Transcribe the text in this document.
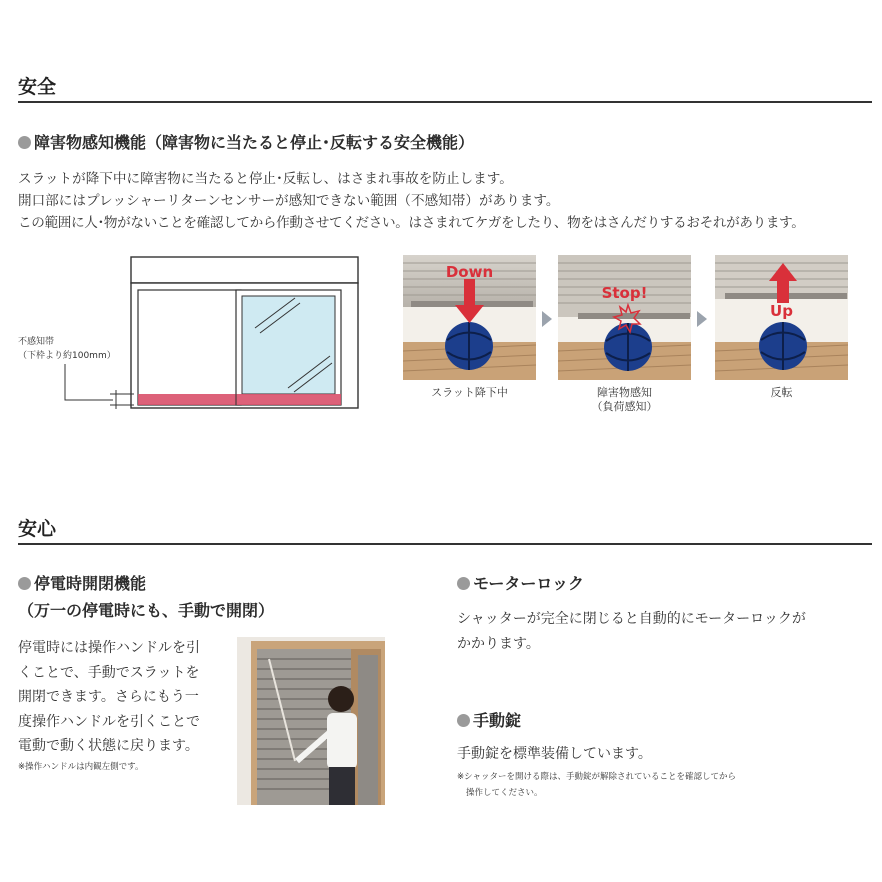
安全
障害物感知機能（障害物に当たると停止･反転する安全機能）
スラットが降下中に障害物に当たると停止･反転し、はさまれ事故を防止します。
開口部にはプレッシャーリターンセンサーが感知できない範囲（不感知帯）があります。
この範囲に人･物がないことを確認してから作動させてください。はさまれてケガをしたり、物をはさんだりするおそれがあります。
不感知帯
（下枠より約100mm）
Down
Stop!
Up
スラット降下中	障害物感知
（負荷感知）
反転
安心
停電時開閉機能
（万一の停電時にも、手動で開閉）
停電時には操作ハンドルを引
くことで、手動でスラットを
開閉できます。さらにもう一
度操作ハンドルを引くことで
電動で動く状態に戻ります。
※操作ハンドルは内観左側です。
モーターロック
シャッターが完全に閉じると自動的にモーターロックが
かかります。
手動錠
手動錠を標準装備しています。
※シャッターを開ける際は、手動錠が解除されていることを確認してから
操作してください。
